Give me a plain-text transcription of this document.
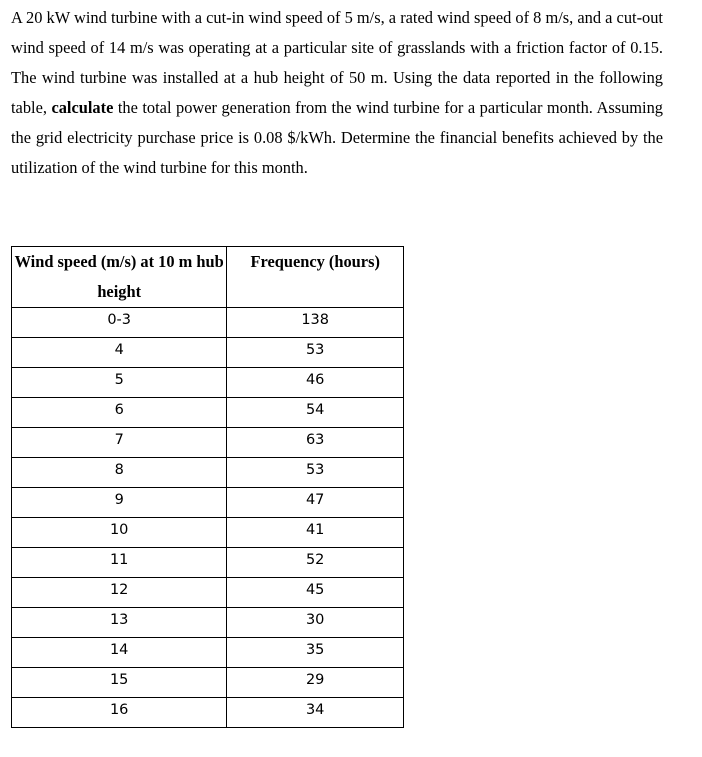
A 20 kW wind turbine with a cut-in wind speed of 5 m/s, a rated wind speed of 8 m/s, and a cut-out wind speed of 14 m/s was operating at a particular site of grasslands with a friction factor of 0.15. The wind turbine was installed at a hub height of 50 m. Using the data reported in the following table, calculate the total power generation from the wind turbine for a particular month. Assuming the grid electricity purchase price is 0.08 $/kWh. Determine the financial benefits achieved by the utilization of the wind turbine for this month.

Wind speed (m/s) at 10 m hub height	Frequency (hours)
0-3	138
4	53
5	46
6	54
7	63
8	53
9	47
10	41
11	52
12	45
13	30
14	35
15	29
16	34
